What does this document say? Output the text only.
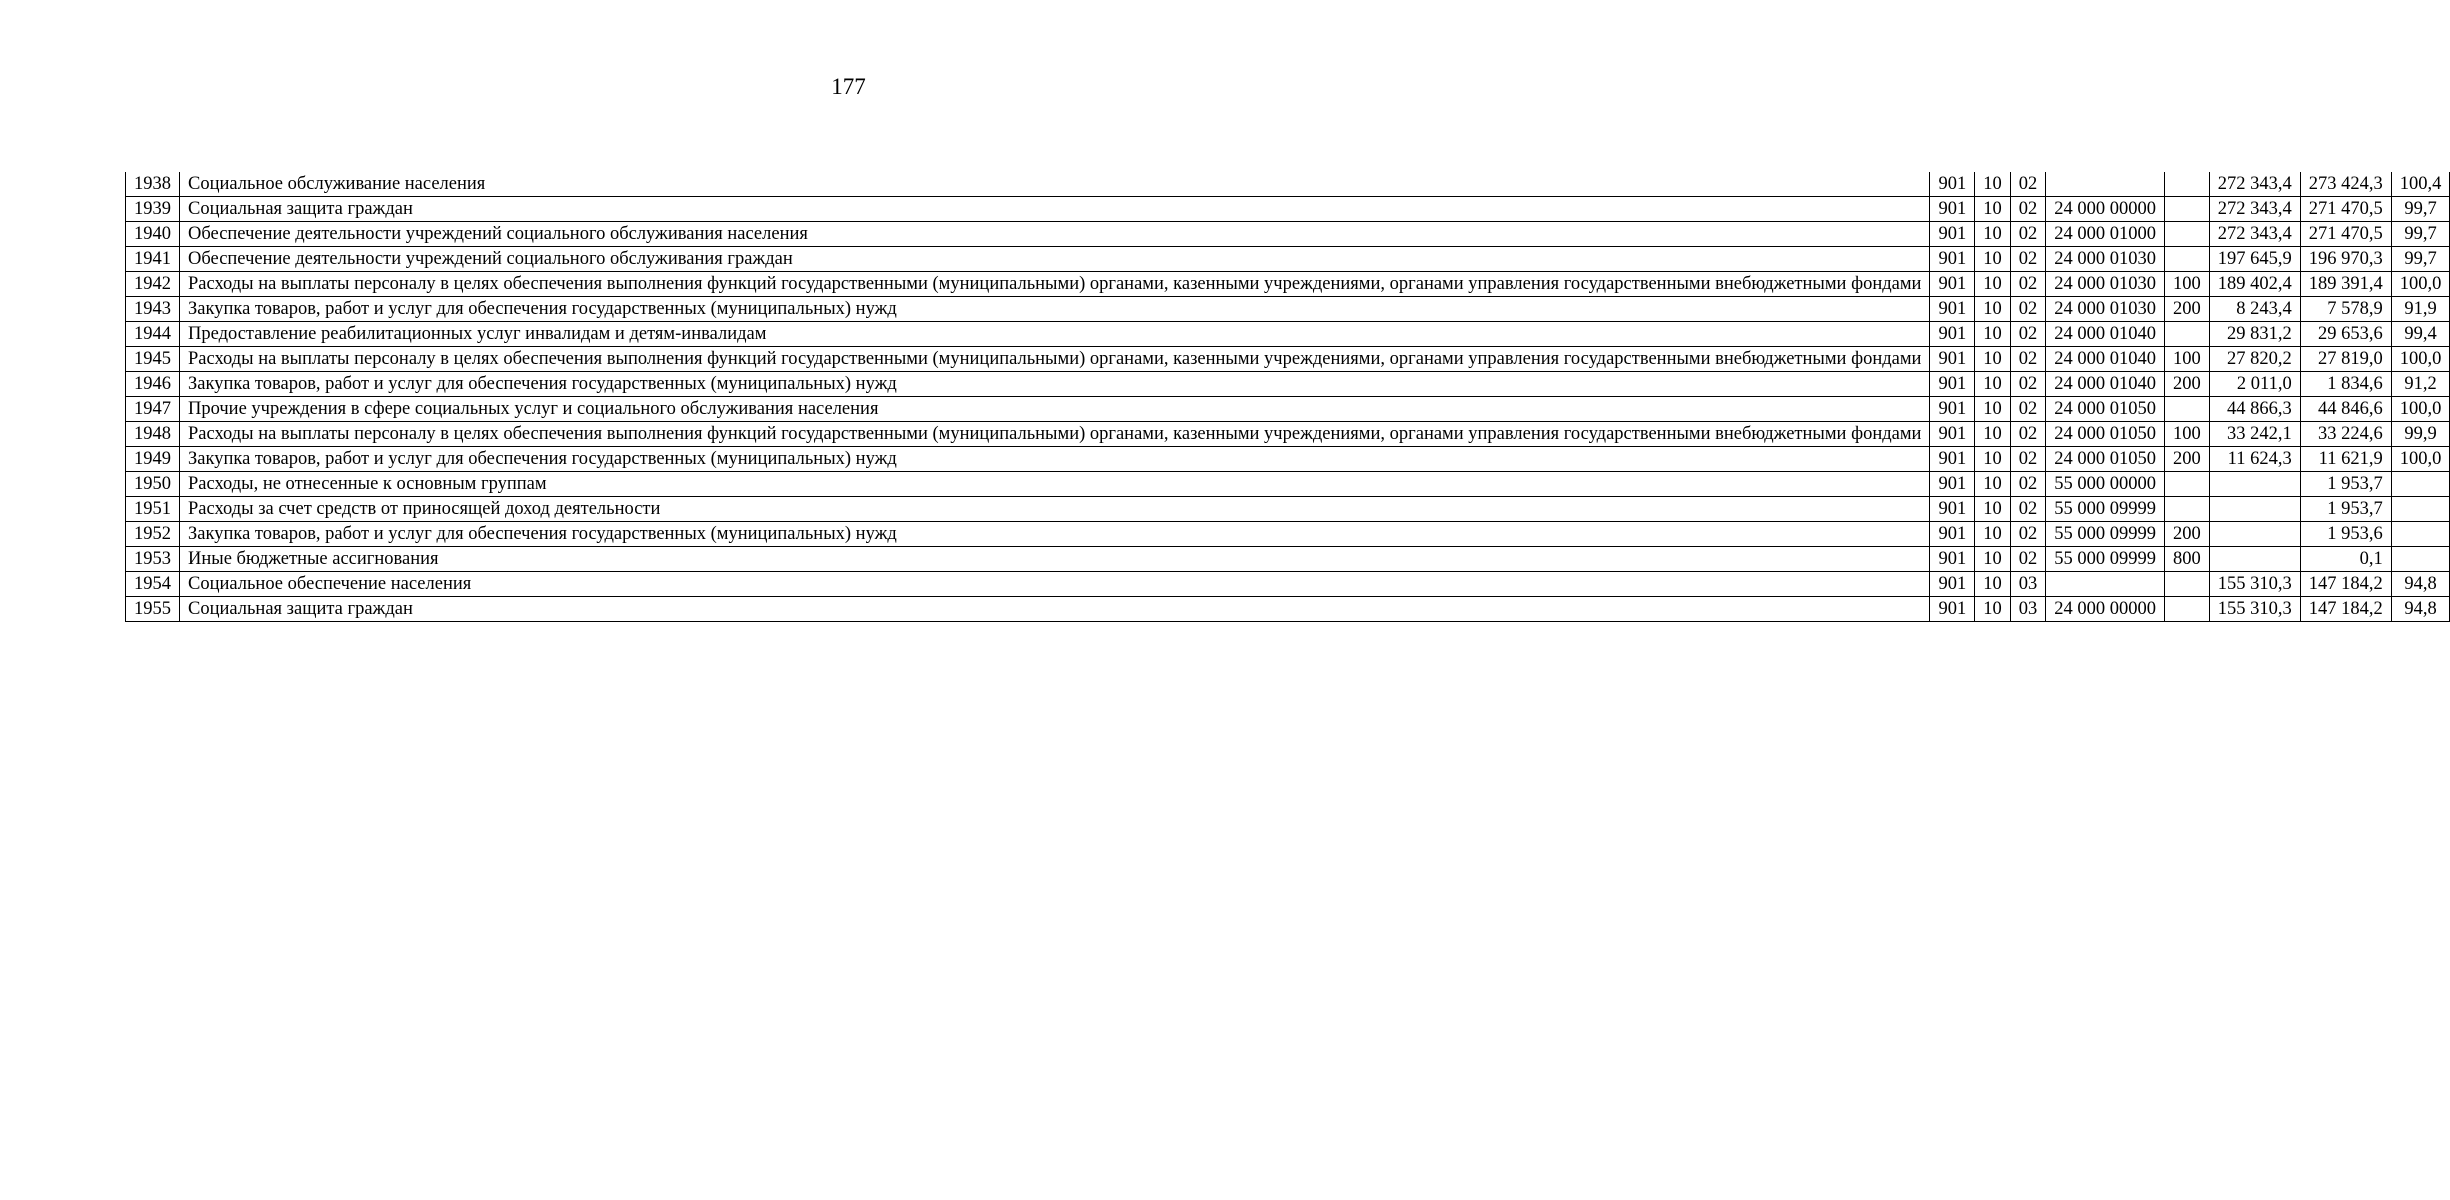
177
1938	Социальное обслуживание населения	901	10	02			272 343,4	273 424,3	100,4
1939	Социальная защита граждан	901	10	02	24 000 00000		272 343,4	271 470,5	99,7
1940	Обеспечение деятельности учреждений социального обслуживания населения	901	10	02	24 000 01000		272 343,4	271 470,5	99,7
1941	Обеспечение деятельности учреждений социального обслуживания граждан	901	10	02	24 000 01030		197 645,9	196 970,3	99,7
1942	Расходы на выплаты персоналу в целях обеспечения выполнения функций государственными (муниципальными) органами, казенными учреждениями, органами управления государственными внебюджетными фондами	901	10	02	24 000 01030	100	189 402,4	189 391,4	100,0
1943	Закупка товаров, работ и услуг для обеспечения государственных (муниципальных) нужд	901	10	02	24 000 01030	200	8 243,4	7 578,9	91,9
1944	Предоставление реабилитационных услуг инвалидам и детям-инвалидам	901	10	02	24 000 01040		29 831,2	29 653,6	99,4
1945	Расходы на выплаты персоналу в целях обеспечения выполнения функций государственными (муниципальными) органами, казенными учреждениями, органами управления государственными внебюджетными фондами	901	10	02	24 000 01040	100	27 820,2	27 819,0	100,0
1946	Закупка товаров, работ и услуг для обеспечения государственных (муниципальных) нужд	901	10	02	24 000 01040	200	2 011,0	1 834,6	91,2
1947	Прочие учреждения в сфере социальных услуг и социального обслуживания населения	901	10	02	24 000 01050		44 866,3	44 846,6	100,0
1948	Расходы на выплаты персоналу в целях обеспечения выполнения функций государственными (муниципальными) органами, казенными учреждениями, органами управления государственными внебюджетными фондами	901	10	02	24 000 01050	100	33 242,1	33 224,6	99,9
1949	Закупка товаров, работ и услуг для обеспечения государственных (муниципальных) нужд	901	10	02	24 000 01050	200	11 624,3	11 621,9	100,0
1950	Расходы, не отнесенные к основным группам	901	10	02	55 000 00000			1 953,7	
1951	Расходы за счет средств от приносящей доход деятельности	901	10	02	55 000 09999			1 953,7	
1952	Закупка товаров, работ и услуг для обеспечения государственных (муниципальных) нужд	901	10	02	55 000 09999	200		1 953,6	
1953	Иные бюджетные ассигнования	901	10	02	55 000 09999	800		0,1	
1954	Социальное обеспечение населения	901	10	03			155 310,3	147 184,2	94,8
1955	Социальная защита граждан	901	10	03	24 000 00000		155 310,3	147 184,2	94,8
